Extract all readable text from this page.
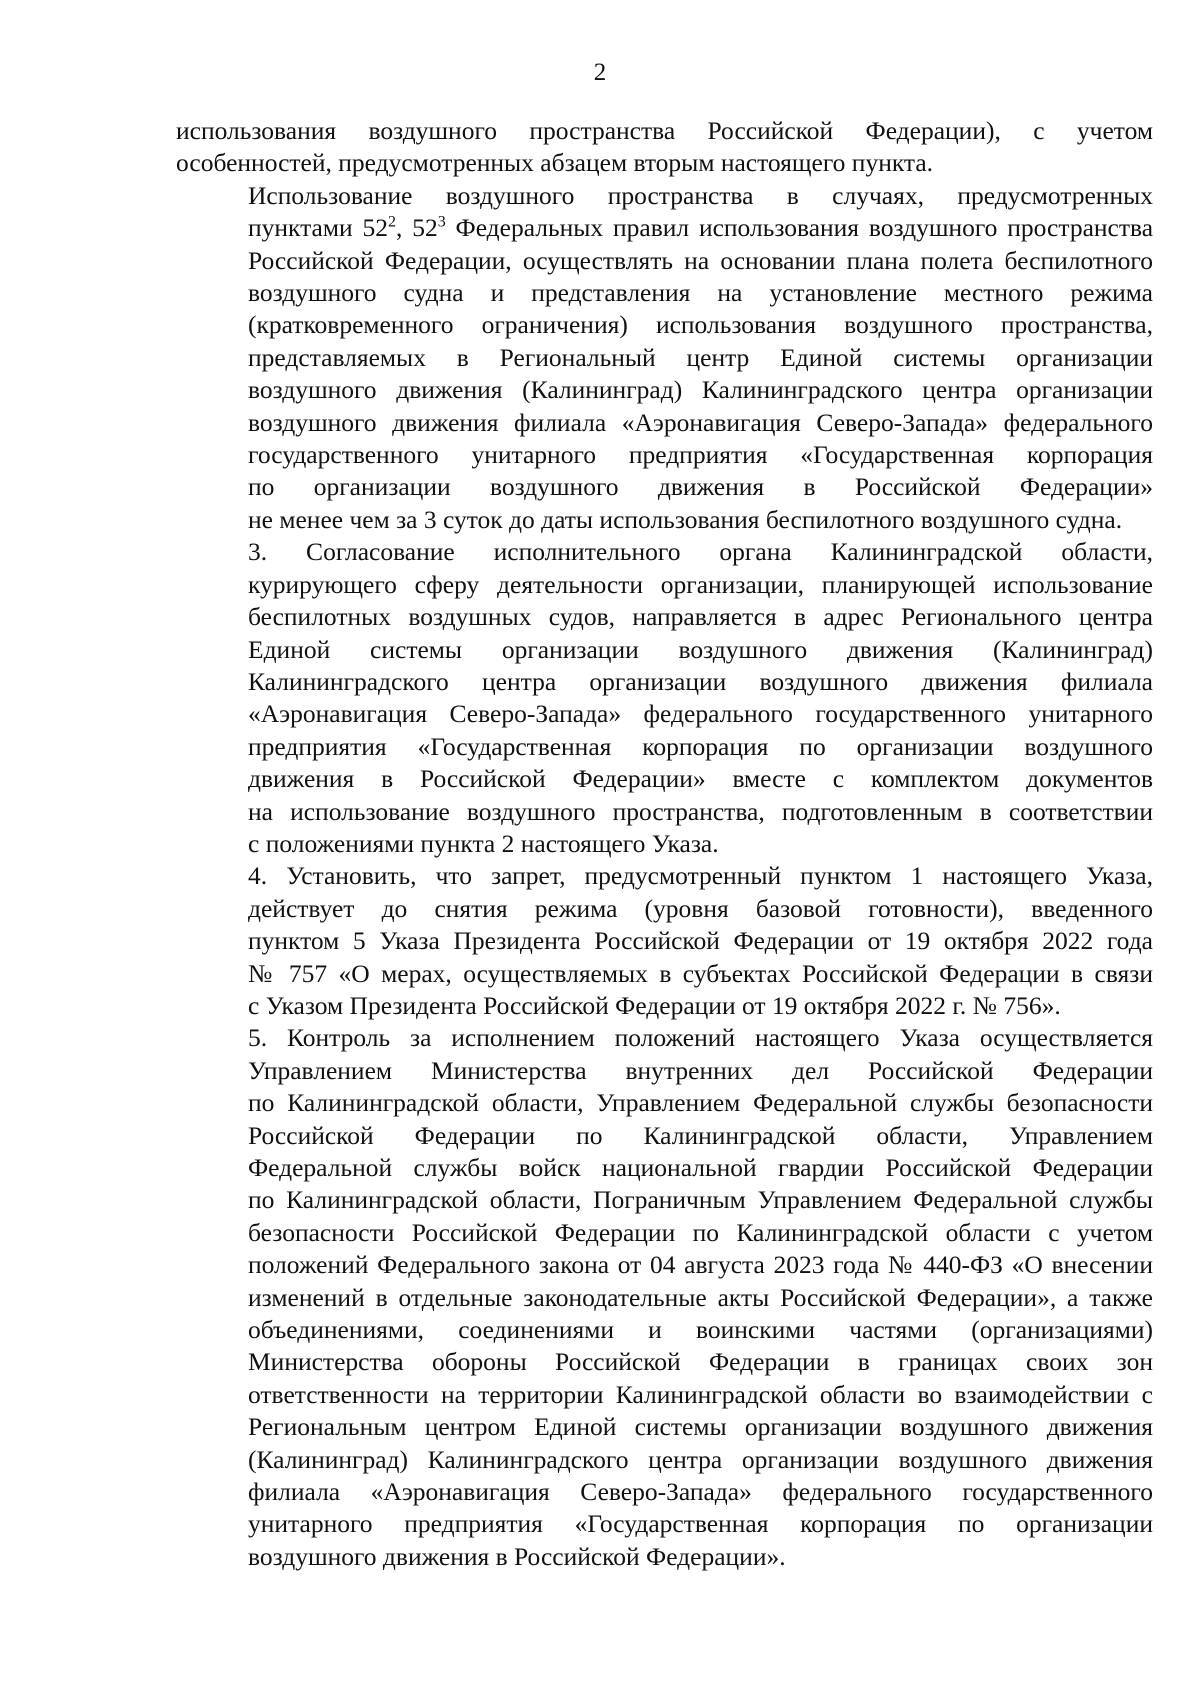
2
использования воздушного пространства Российской Федерации), с учетом
особенностей, предусмотренных абзацем вторым настоящего пункта.
Использование воздушного пространства в случаях, предусмотренных
пунктами $52^2$, $52^3$ Федеральных правил использования воздушного пространства
Российской Федерации, осуществлять на основании плана полета беспилотного
воздушного судна и представления на установление местного режима
(кратковременного ограничения) использования воздушного пространства,
представляемых в Региональный центр Единой системы организации
воздушного движения (Калининград) Калининградского центра организации
воздушного движения филиала «Аэронавигация Северо-Запада» федерального
государственного унитарного предприятия «Государственная корпорация
по организации воздушного движения в Российской Федерации»
не менее чем за 3 суток до даты использования беспилотного воздушного судна.
3. Согласование исполнительного органа Калининградской области,
курирующего сферу деятельности организации, планирующей использование
беспилотных воздушных судов, направляется в адрес Регионального центра
Единой системы организации воздушного движения (Калининград)
Калининградского центра организации воздушного движения филиала
«Аэронавигация Северо-Запада» федерального государственного унитарного
предприятия «Государственная корпорация по организации воздушного
движения в Российской Федерации» вместе с комплектом документов
на использование воздушного пространства, подготовленным в соответствии
с положениями пункта 2 настоящего Указа.
4. Установить, что запрет, предусмотренный пунктом 1 настоящего Указа,
действует до снятия режима (уровня базовой готовности), введенного
пунктом 5 Указа Президента Российской Федерации от 19 октября 2022 года
№ 757 «О мерах, осуществляемых в субъектах Российской Федерации в связи
с Указом Президента Российской Федерации от 19 октября 2022 г. № 756».
5. Контроль за исполнением положений настоящего Указа осуществляется
Управлением Министерства внутренних дел Российской Федерации
по Калининградской области, Управлением Федеральной службы безопасности
Российской Федерации по Калининградской области, Управлением
Федеральной службы войск национальной гвардии Российской Федерации
по Калининградской области, Пограничным Управлением Федеральной службы
безопасности Российской Федерации по Калининградской области с учетом
положений Федерального закона от 04 августа 2023 года № 440-ФЗ «О внесении
изменений в отдельные законодательные акты Российской Федерации», а также
объединениями, соединениями и воинскими частями (организациями)
Министерства обороны Российской Федерации в границах своих зон
ответственности на территории Калининградской области во взаимодействии с
Региональным центром Единой системы организации воздушного движения
(Калининград) Калининградского центра организации воздушного движения
филиала «Аэронавигация Северо-Запада» федерального государственного
унитарного предприятия «Государственная корпорация по организации
воздушного движения в Российской Федерации».
